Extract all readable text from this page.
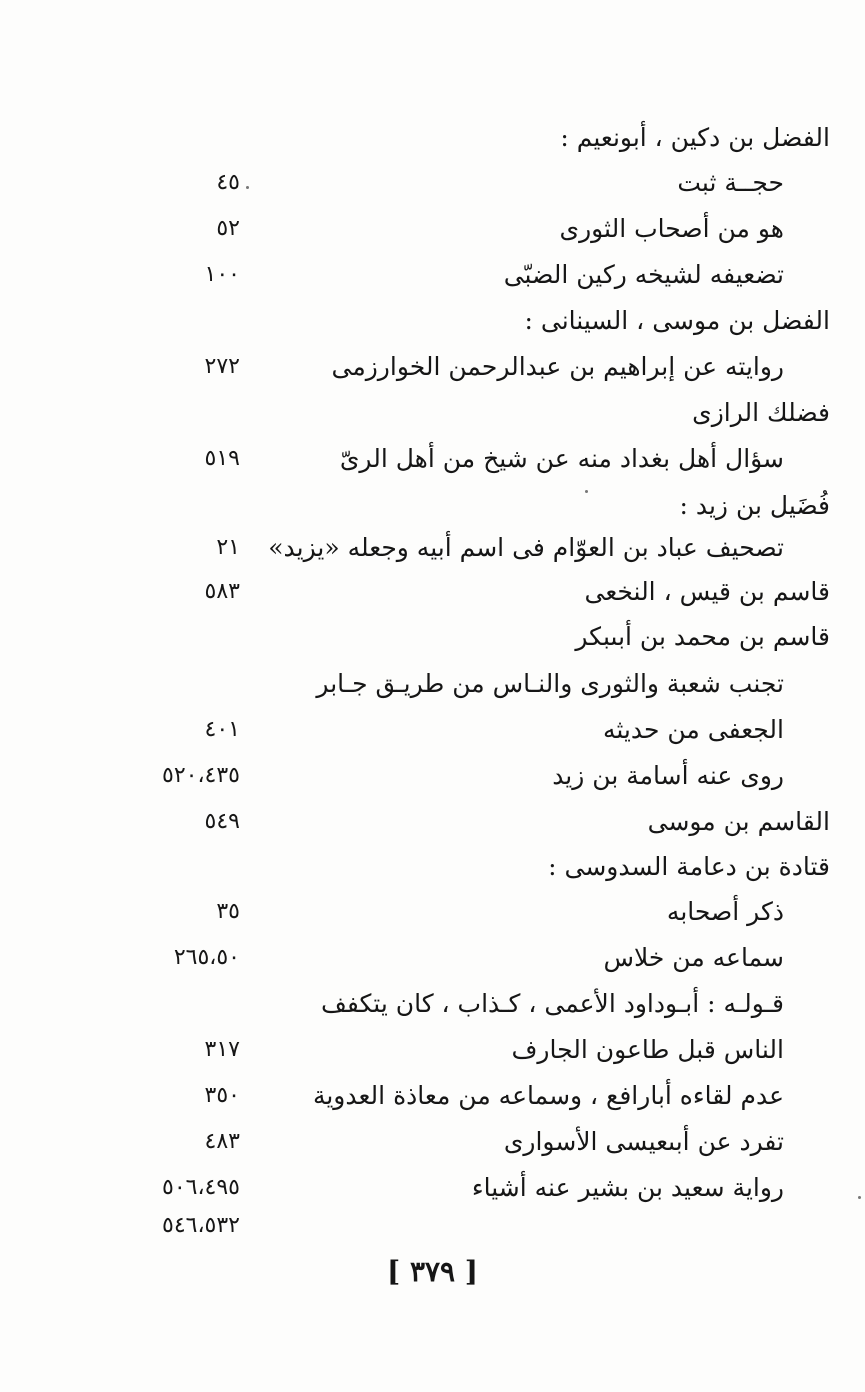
الفضل بن دكين ، أبونعيم :
حجــة ثبت
٤٥
هو من أصحاب الثورى
٥٢
تضعيفه لشيخه ركين الضبّى
١٠٠
الفضل بن موسى ، السينانى :
روايته عن إبراهيم بن عبدالرحمن الخوارزمى
٢٧٢
فضلك الرازى
سؤال أهل بغداد منه عن شيخ من أهل الرىّ
٥١٩
فُضَيل بن زيد :
تصحيف عباد بن العوّام فى اسم أبيه وجعله «يزيد»
٢١
قاسم بن قيس ، النخعى
٥٨٣
قاسم بن محمد بن أبىبكر
تجنب شعبة والثورى والنـاس من طريـق جـابر
الجعفى من حديثه
٤٠١
روى عنه أسامة بن زيد
٥٢٠،٤٣٥
القاسم بن موسى
٥٤٩
قتادة بن دعامة السدوسى :
ذكر أصحابه
٣٥
سماعه من خلاس
٢٦٥،٥٠
قـولـه : أبـوداود الأعمى ، كـذاب ، كان يتكفف
الناس قبل طاعون الجارف
٣١٧
عدم لقاءه أبارافع ، وسماعه من معاذة العدوية
٣٥٠
تفرد عن أبىعيسى الأسوارى
٤٨٣
رواية سعيد بن بشير عنه أشياء
٥٠٦،٤٩٥
٥٤٦،٥٣٢
[ ٣٧٩ ]
